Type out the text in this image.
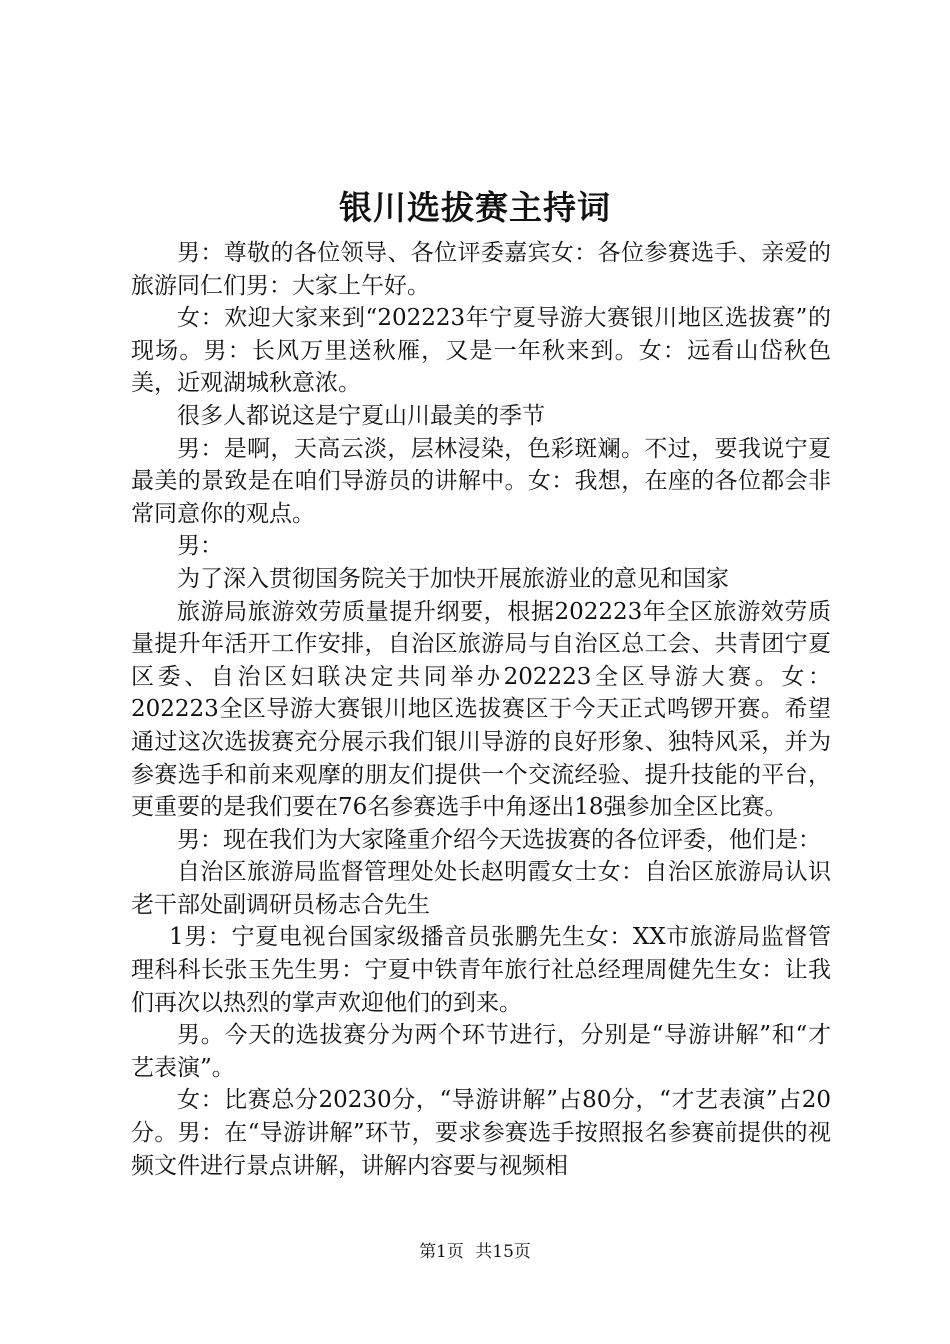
银川选拔赛主持词

男：尊敬的各位领导、各位评委嘉宾女：各位参赛选手、亲爱的旅游同仁们男：大家上午好。

女：欢迎大家来到“202223年宁夏导游大赛银川地区选拔赛”的现场。男：长风万里送秋雁，又是一年秋来到。女：远看山岱秋色美，近观湖城秋意浓。

很多人都说这是宁夏山川最美的季节

男：是啊，天高云淡，层林浸染，色彩斑斓。不过，要我说宁夏最美的景致是在咱们导游员的讲解中。女：我想，在座的各位都会非常同意你的观点。

男：

为了深入贯彻国务院关于加快开展旅游业的意见和国家

旅游局旅游效劳质量提升纲要，根据202223年全区旅游效劳质量提升年活开工作安排，自治区旅游局与自治区总工会、共青团宁夏区委、自治区妇联决定共同举办202223全区导游大赛。女：202223全区导游大赛银川地区选拔赛区于今天正式鸣锣开赛。希望通过这次选拔赛充分展示我们银川导游的良好形象、独特风采，并为参赛选手和前来观摩的朋友们提供一个交流经验、提升技能的平台，更重要的是我们要在76名参赛选手中角逐出18强参加全区比赛。

男：现在我们为大家隆重介绍今天选拔赛的各位评委，他们是：

自治区旅游局监督管理处处长赵明霞女士女：自治区旅游局认识老干部处副调研员杨志合先生

1男：宁夏电视台国家级播音员张鹏先生女：XX市旅游局监督管理科科长张玉先生男：宁夏中铁青年旅行社总经理周健先生女：让我们再次以热烈的掌声欢迎他们的到来。

男。今天的选拔赛分为两个环节进行，分别是“导游讲解”和“才艺表演”。

女：比赛总分20230分，“导游讲解”占80分，“才艺表演”占20分。男：在“导游讲解”环节，要求参赛选手按照报名参赛前提供的视频文件进行景点讲解，讲解内容要与视频相

第1页 共15页
